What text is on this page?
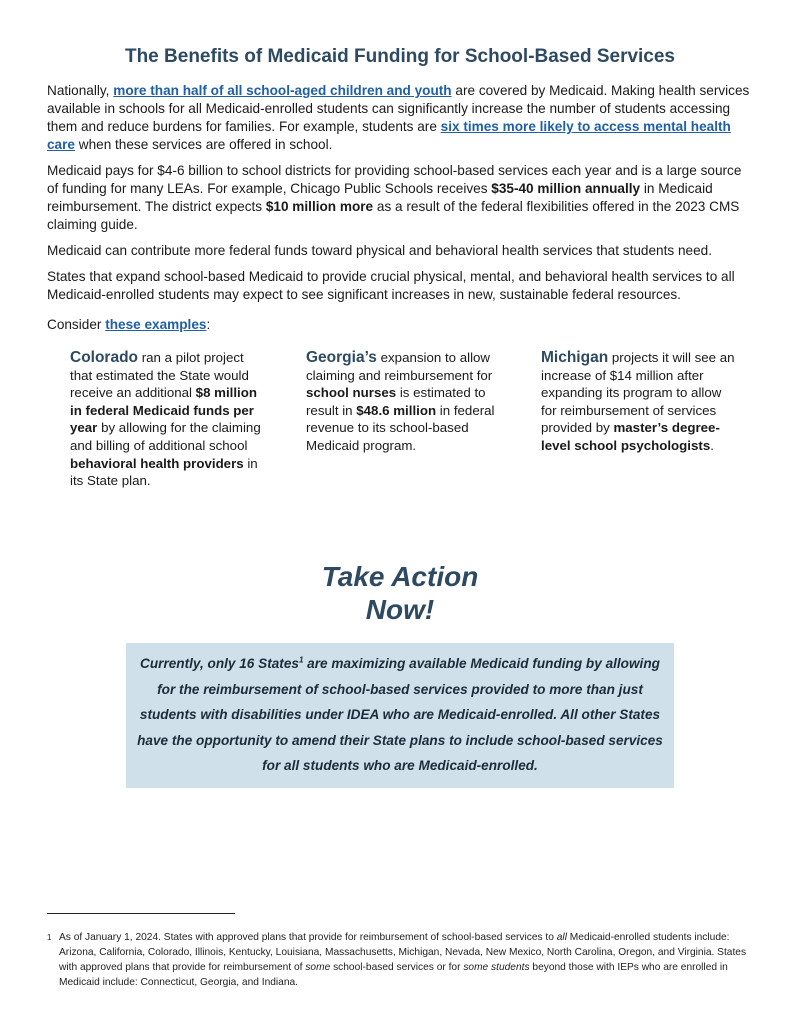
The Benefits of Medicaid Funding for School-Based Services

Nationally, more than half of all school-aged children and youth are covered by Medicaid. Making health services available in schools for all Medicaid-enrolled students can significantly increase the number of students accessing them and reduce burdens for families. For example, students are six times more likely to access mental health care when these services are offered in school.

Medicaid pays for $4-6 billion to school districts for providing school-based services each year and is a large source of funding for many LEAs. For example, Chicago Public Schools receives $35-40 million annually in Medicaid reimbursement. The district expects $10 million more as a result of the federal flexibilities offered in the 2023 CMS claiming guide.

Medicaid can contribute more federal funds toward physical and behavioral health services that students need.

States that expand school-based Medicaid to provide crucial physical, mental, and behavioral health services to all Medicaid-enrolled students may expect to see significant increases in new, sustainable federal resources.

Consider these examples:
Colorado ran a pilot project that estimated the State would receive an additional $8 million in federal Medicaid funds per year by allowing for the claiming and billing of additional school behavioral health providers in its State plan.
Georgia’s expansion to allow claiming and reimbursement for school nurses is estimated to result in $48.6 million in federal revenue to its school-based Medicaid program.
Michigan projects it will see an increase of $14 million after expanding its program to allow for reimbursement of services provided by master’s degree-level school psychologists.
Take Action
Now!
Currently, only 16 States$^1$ are maximizing available Medicaid funding by allowing for the reimbursement of school-based services provided to more than just students with disabilities under IDEA who are Medicaid-enrolled. All other States have the opportunity to amend their State plans to include school-based services for all students who are Medicaid-enrolled.
1 As of January 1, 2024. States with approved plans that provide for reimbursement of school-based services to all Medicaid-enrolled students include: Arizona, California, Colorado, Illinois, Kentucky, Louisiana, Massachusetts, Michigan, Nevada, New Mexico, North Carolina, Oregon, and Virginia. States with approved plans that provide for reimbursement of some school-based services or for some students beyond those with IEPs who are enrolled in Medicaid include: Connecticut, Georgia, and Indiana.
